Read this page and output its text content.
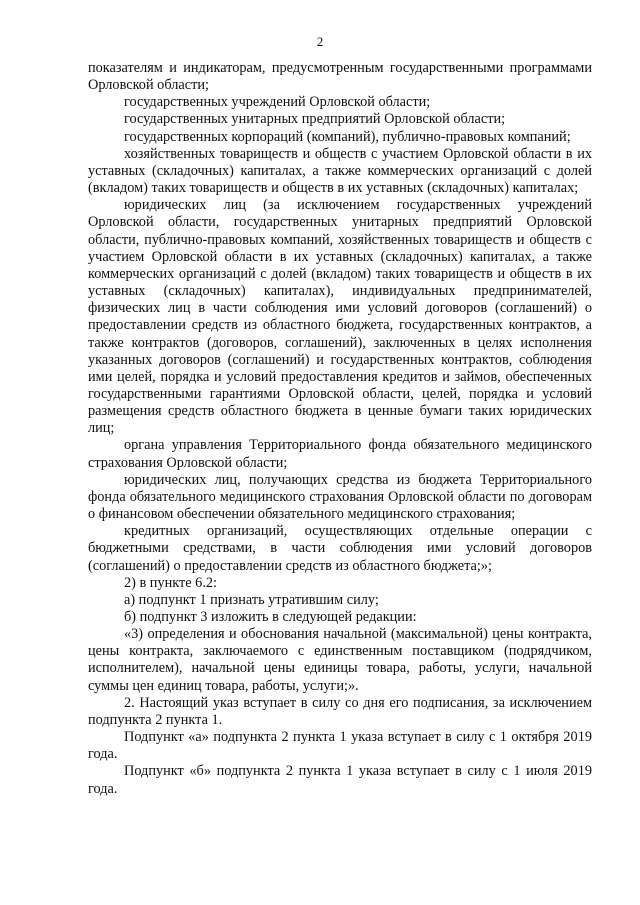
2

показателям и индикаторам, предусмотренным государственными программами Орловской области;

государственных учреждений Орловской области;

государственных унитарных предприятий Орловской области;

государственных корпораций (компаний), публично-правовых компаний;

хозяйственных товариществ и обществ с участием Орловской области в их уставных (складочных) капиталах, а также коммерческих организаций с долей (вкладом) таких товариществ и обществ в их уставных (складочных) капиталах;

юридических лиц (за исключением государственных учреждений Орловской области, государственных унитарных предприятий Орловской области, публично-правовых компаний, хозяйственных товариществ и обществ с участием Орловской области в их уставных (складочных) капиталах, а также коммерческих организаций с долей (вкладом) таких товариществ и обществ в их уставных (складочных) капиталах), индивидуальных предпринимателей, физических лиц в части соблюдения ими условий договоров (соглашений) о предоставлении средств из областного бюджета, государственных контрактов, а также контрактов (договоров, соглашений), заключенных в целях исполнения указанных договоров (соглашений) и государственных контрактов, соблюдения ими целей, порядка и условий предоставления кредитов и займов, обеспеченных государственными гарантиями Орловской области, целей, порядка и условий размещения средств областного бюджета в ценные бумаги таких юридических лиц;

органа управления Территориального фонда обязательного медицинского страхования Орловской области;

юридических лиц, получающих средства из бюджета Территориального фонда обязательного медицинского страхования Орловской области по договорам о финансовом обеспечении обязательного медицинского страхования;

кредитных организаций, осуществляющих отдельные операции с бюджетными средствами, в части соблюдения ими условий договоров (соглашений) о предоставлении средств из областного бюджета;»;

2) в пункте 6.2:

а) подпункт 1 признать утратившим силу;

б) подпункт 3 изложить в следующей редакции:

«3) определения и обоснования начальной (максимальной) цены контракта, цены контракта, заключаемого с единственным поставщиком (подрядчиком, исполнителем), начальной цены единицы товара, работы, услуги, начальной суммы цен единиц товара, работы, услуги;».

2. Настоящий указ вступает в силу со дня его подписания, за исключением подпункта 2 пункта 1.

Подпункт «а» подпункта 2 пункта 1 указа вступает в силу с 1 октября 2019 года.

Подпункт «б» подпункта 2 пункта 1 указа вступает в силу с 1 июля 2019 года.
